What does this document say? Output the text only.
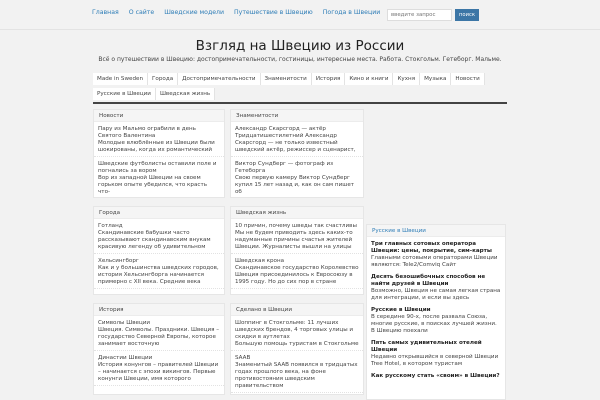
Главная О сайте Шведские модели Путешествие в Швецию Погода в Швеции
введите запрос	поиск
Взгляд на Швецию из России
Всё о путешествии в Швецию: достопримечательности, гостиницы, интересные места. Работа. Стокгольм. Гетеборг. Мальме.
Made in Sweden	Города	Достопримечательности	Знаменитости	История	Кино и книги	Кухня	Музыка	Новости
Русские в Швеции	Шведская жизнь
Новости
Пару из Мальмо ограбили в день Святого Валентина
Молодые влюблённые из Швеции были шокированы, когда их романтический
Шведские футболисты оставили поле и погнались за вором
Вор из западной Швеции на своем горьком опыте убедился, что красть что-
Знаменитости
Александр Скарсгорд — актёр Тридцатишестилетний Александр
Скарсгорд — не только известный шведский актёр, режиссер и сценарист,
Виктор Сундберг — фотограф из Гетеборга
Свою первую камеру Виктор Сундберг купил 15 лет назад и, как он сам пишет об
Города
Готланд
Скандинавские бабушки часто рассказывают скандинавским внукам красивую легенду об удивительном
Хельсингборг
Как и у большинства шведских городов, история Хельсингборга начинается примерно с XII века. Средние века
Шведская жизнь
10 причин, почему шведы так счастливы
Мы не будем приводить здесь каких-то надуманные причины счастья жителей Швеции. Журналисты вышли на улицы
Шведская крона
Скандинавское государство Королевство Швеция присоединилось к Евросоюзу в 1995 году. Но до сих пор в стране
История
Символы Швеции
Швеция. Символы. Праздники. Швеция – государство Северной Европы, которое занимает восточную
Династии Швеции
История конунгов – правителей Швеции – начинается с эпохи викингов. Первые конунги Швеции, имя которого
Сделано в Швеции
Шоппинг в Стокгольме: 11 лучших шведских брендов, 4 торговых улицы и скидки в аутлетах
Большую помощь туристам в Стокгольме
SAAB
Знаменитый SAAB появился в тридцатых годах прошлого века, на фоне противостояния шведским правительством
Русские в Швеции
Три главных сотовых оператора Швеции: цены, покрытие, сим-карты
Главными сотовыми операторами Швеции являются: Tele2/Comviq Сайт
Десять безошибочных способов не найти друзей в Швеции
Возможно, Швеция не самая легкая страна для интеграции, и если вы здесь
Русские в Швеции
В середине 90-х, после развала Союза, многие русские, в поисках лучшей жизни. В Швецию поехали
Пять самых удивительных отелей Швеции
Недавно открывшийся в северной Швеции Tree Hotel, в котором туристам
Как русскому стать «своим» в Швеции?
